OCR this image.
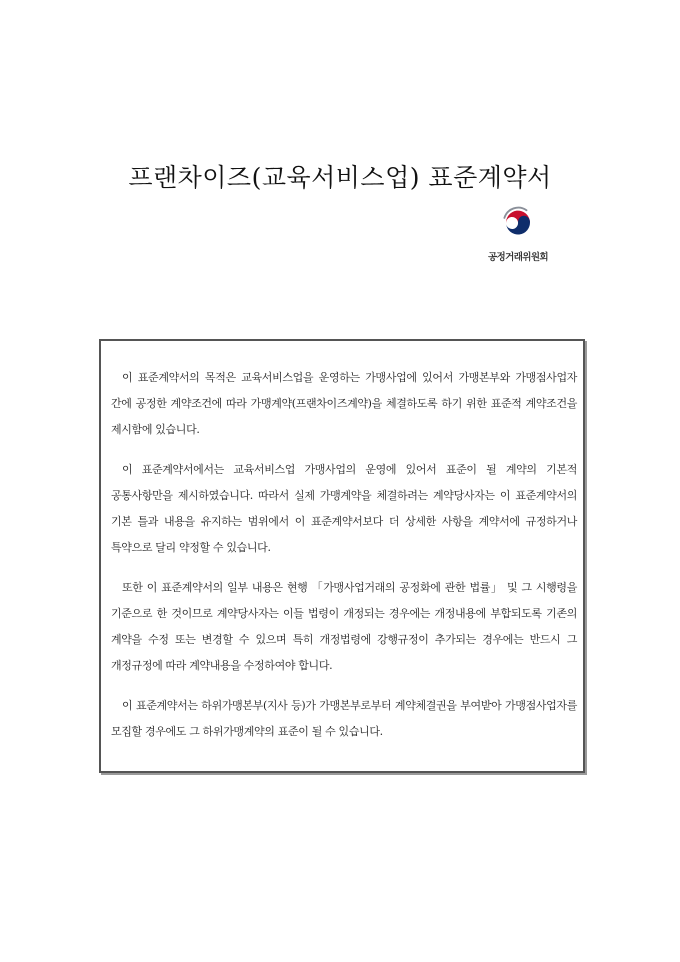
프랜차이즈(교육서비스업) 표준계약서
공정거래위원회

이 표준계약서의 목적은 교육서비스업을 운영하는 가맹사업에 있어서 가맹본부와 가맹점사업자 간에 공정한 계약조건에 따라 가맹계약(프랜차이즈계약)을 체결하도록 하기 위한 표준적 계약조건을 제시함에 있습니다.

이 표준계약서에서는 교육서비스업 가맹사업의 운영에 있어서 표준이 될 계약의 기본적 공통사항만을 제시하였습니다. 따라서 실제 가맹계약을 체결하려는 계약당사자는 이 표준계약서의 기본 틀과 내용을 유지하는 범위에서 이 표준계약서보다 더 상세한 사항을 계약서에 규정하거나 특약으로 달리 약정할 수 있습니다.

또한 이 표준계약서의 일부 내용은 현행 「가맹사업거래의 공정화에 관한 법률」 및 그 시행령을 기준으로 한 것이므로 계약당사자는 이들 법령이 개정되는 경우에는 개정내용에 부합되도록 기존의 계약을 수정 또는 변경할 수 있으며 특히 개정법령에 강행규정이 추가되는 경우에는 반드시 그 개정규정에 따라 계약내용을 수정하여야 합니다.

이 표준계약서는 하위가맹본부(지사 등)가 가맹본부로부터 계약체결권을 부여받아 가맹점사업자를 모집할 경우에도 그 하위가맹계약의 표준이 될 수 있습니다.
